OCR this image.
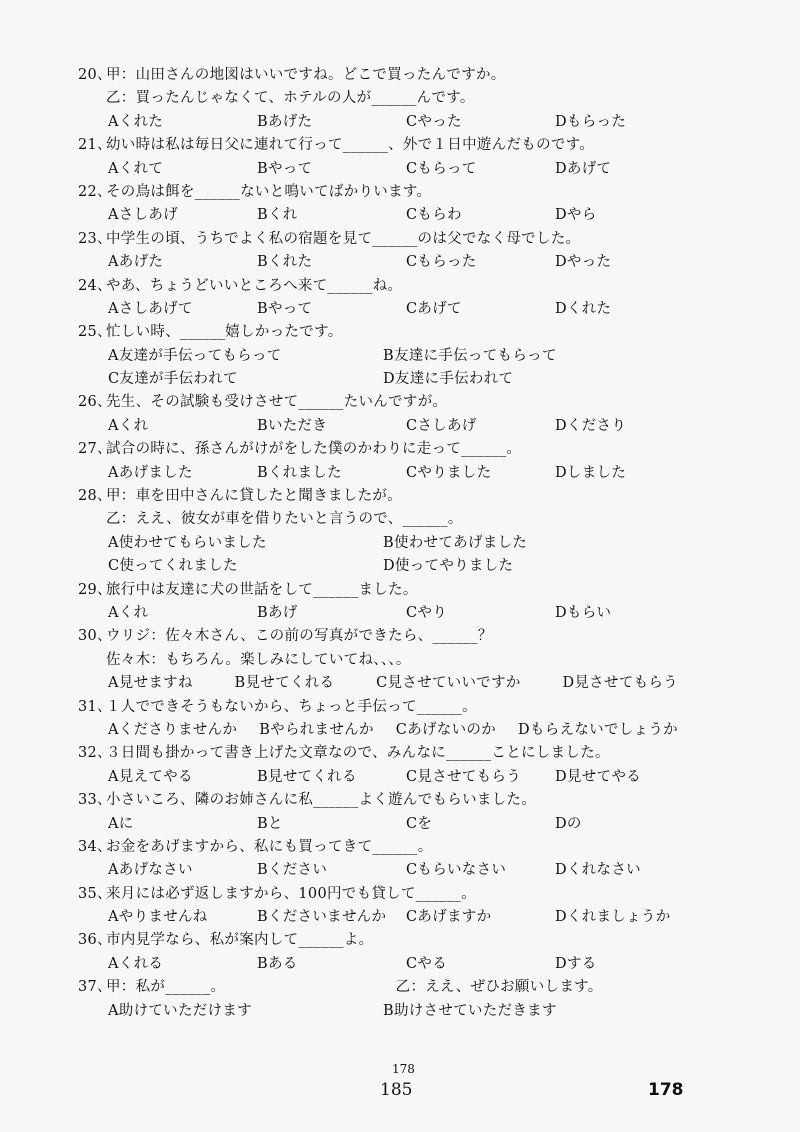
20、甲：山田さんの地図はいいですね。どこで買ったんですか。
乙：買ったんじゃなくて、ホテルの人が______んです。
Aくれた	Bあげた	Cやった	Dもらった
21、幼い時は私は毎日父に連れて行って______、外で１日中遊んだものです。
Aくれて	Bやって	Cもらって	Dあげて
22、その鳥は餌を______ないと鳴いてばかりいます。
Aさしあげ	Bくれ	Cもらわ	Dやら
23、中学生の頃、うちでよく私の宿題を見て______のは父でなく母でした。
Aあげた	Bくれた	Cもらった	Dやった
24、やあ、ちょうどいいところへ来て______ね。
Aさしあげて	Bやって	Cあげて	Dくれた
25、忙しい時、______嬉しかったです。
A友達が手伝ってもらって	B友達に手伝ってもらって
C友達が手伝われて	D友達に手伝われて
26、先生、その試験も受けさせて______たいんですが。
Aくれ	Bいただき	Cさしあげ	Dくださり
27、試合の時に、孫さんがけがをした僕のかわりに走って______。
Aあげました	Bくれました	Cやりました	Dしました
28、甲：車を田中さんに貸したと聞きましたが。
乙：ええ、彼女が車を借りたいと言うので、______。
A使わせてもらいました	B使わせてあげました
C使ってくれました	D使ってやりました
29、旅行中は友達に犬の世話をして______ました。
Aくれ	Bあげ	Cやり	Dもらい
30、ウリジ：佐々木さん、この前の写真ができたら、______？
佐々木：もちろん。楽しみにしていてね、、、。
A見せますね	B見せてくれる	C見させていいですか	D見させてもらう
31、１人でできそうもないから、ちょっと手伝って______。
Aくださりませんか Bやられませんか Cあげないのか Dもらえないでしょうか
32、３日間も掛かって書き上げた文章なので、みんなに______ことにしました。
A見えてやる	B見せてくれる	C見させてもらう	D見せてやる
33、小さいころ、隣のお姉さんに私______よく遊んでもらいました。
Aに	Bと	Cを	Dの
34、お金をあげますから、私にも買ってきて______。
Aあげなさい	Bください	Cもらいなさい	Dくれなさい
35、来月には必ず返しますから、100円でも貸して______。
Aやりませんね	Bくださいませんか	Cあげますか	Dくれましょうか
36、市内見学なら、私が案内して______よ。
Aくれる	Bある	Cやる	Dする
37、甲：私が______。　　　　　　　　　　　　乙：ええ、ぜひお願いします。
A助けていただけます	B助けさせていただきます
178
185	178
